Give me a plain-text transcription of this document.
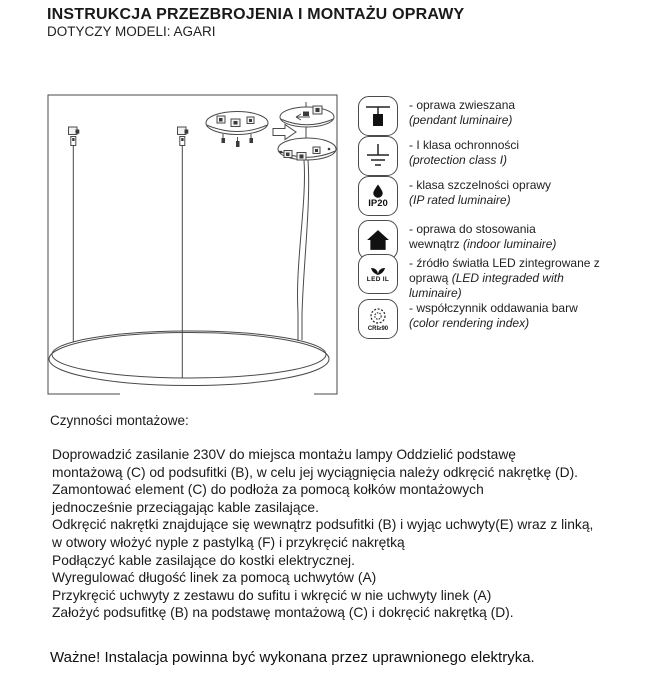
INSTRUKCJA PRZEZBROJENIA I MONTAŻU OPRAWY
DOTYCZY MODELI: AGARI
- oprawa zwieszana
(pendant luminaire)
- I klasa ochronności
(protection class I)
IP20
- klasa szczelności oprawy
(IP rated luminaire)
- oprawa do stosowania wewnątrz (indoor luminaire)
LED IL
- źródło światła LED zintegrowane z oprawą (LED integraded with luminaire)
CRI≥90
- współczynnik oddawania barw
(color rendering index)
Czynności montażowe:
Doprowadzić zasilanie 230V do miejsca montażu lampy Oddzielić podstawę
montażową (C) od podsufitki (B), w celu jej wyciągnięcia należy odkręcić nakrętkę (D).
Zamontować element (C) do podłoża za pomocą kołków montażowych
jednocześnie przeciągając kable zasilające.
Odkręcić nakrętki znajdujące się wewnątrz podsufitki (B) i wyjąc uchwyty(E) wraz z linką,
w otwory włożyć nyple z pastylką (F) i przykręcić nakrętką
Podłączyć kable zasilające do kostki elektrycznej.
Wyregulować długość linek za pomocą uchwytów (A)
Przykręcić uchwyty z zestawu do sufitu i wkręcić w nie uchwyty linek (A)
Założyć podsufitkę (B) na podstawę montażową (C) i dokręcić nakrętką (D).
Ważne! Instalacja powinna być wykonana przez uprawnionego elektryka.
